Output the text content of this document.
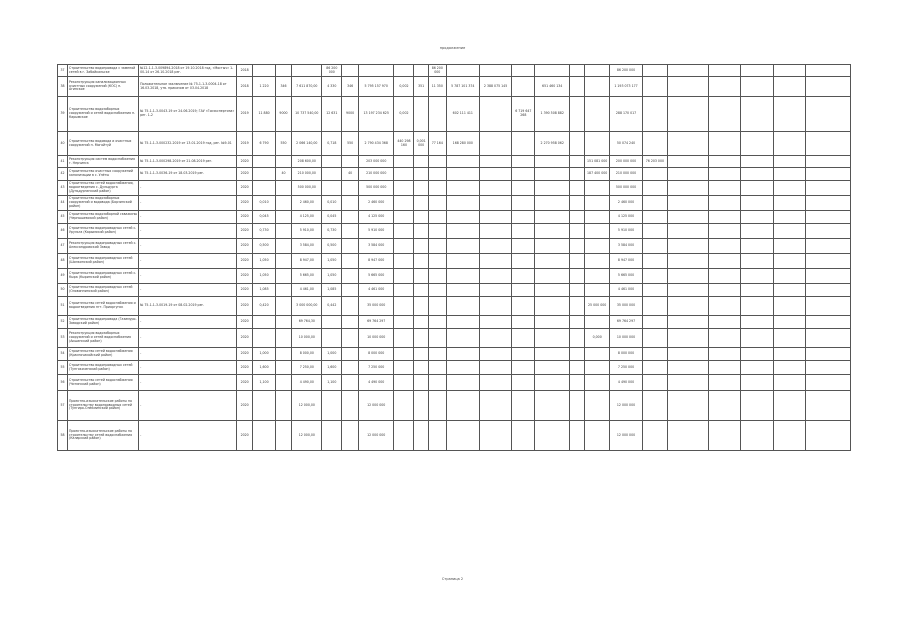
продолжение
37	Строительство водопровода с заменой сетей в г. Забайкальске	№12-1-1-3-009894-2018 от 19.10.2018 год, «Мостыч» 1-00-14 от 26.10.2018 рег.	2018				86 200 000					86 200 000							86 200 000						
38	Реконструкция канализационных очистных сооружений (КОС) п. Агинское	Положительное заключение № 75-1-1-3-0004-18 от 16.03.2018, утв. приказом от 03.04.2018	2018	1 220	346	7 611 870,00	4 330	346	5 795 157 970	0,002	351	11 350	5 787 101 374	2 388 075 145		651 460 134			1 193 073 177						
39	Строительство водозаборных сооружений и сетей водоснабжения п. Карымское	№ 75-1-1-3-0043-19 от 24.06.2019; ГАУ «Госэкспертиза» рег. 1-2	2019	11 880	9000	10 737 540,00	12 631	9000	13 197 234 625	0,002			602 111 411		6 719 647 268	1 390 508 882			288 170 017						
40	Строительство водовода и очистных сооружений п. Могойтуй	№ 75-1-1-3-000232-2019 от 13.01.2019 год, рег. №9-01	2019	6 790	550	2 066 140,00	0,718	550	2 790 434 368	440 298 160	0,001 000	77 164	168 280 000			2 270 958 062			50 074 240						
41	Реконструкция систем водоснабжения г. Нерчинск	№ 75-1-1-3-000298-2019 от 21.08.2019 рег.	2020			208 600,00			203 000 000									151 081 000	200 000 000	76 203 000					
42	Строительство очистных сооружений канализации в с. Улёты	№ 75-1-1-3-0036-19 от 18.03.2019 рег.	2020		40	210 000,00		40	210 000 000									187 400 000	210 000 000						
43	Строительство сетей водоснабжения, водоотведения с. Дульдурга (Дульдургинский район)	-	2020			500 000,00			500 000 000										500 000 000						
44	Строительство водозаборных сооружений и водовода (Борзинский район)	-	2020	0,010		2 460,00	0,010		2 460 000										2 460 000						
45	Строительство водозаборной скважины (Чернышевский район)	-	2020	0,045		4 125,00	0,045		4 125 000										4 125 000						
46	Строительство водопроводных сетей с. Урульга (Карымский район)	-	2020	0,730		5 910,00	0,730		5 910 000										5 910 000						
47	Реконструкция водопроводных сетей с. Александровский Завод	-	2020	0,500		3 584,00	0,500		3 584 000										3 584 000						
48	Строительство водопроводных сетей (Шилкинский район)	-	2020	1,050		8 947,00	1,050		8 947 000										8 947 000						
49	Строительство водопроводных сетей с. Кыра (Кыринский район)	-	2020	1,050		5 665,00	1,050		5 665 000										5 665 000						
50	Строительство водопроводных сетей (Оловяннинский район)	-	2020	1,085		4 461,00	1,085		4 461 000										4 461 000						
51	Строительство сетей водоснабжения и водоотведения пгт. Приаргунск	№ 75-1-1-3-0019-19 от 08.02.2019 рег.	2020	0,420		3 000 000,00	0,442		35 000 000									25 000 000	35 000 000						
52	Строительство водопровода (Газимуро-Заводский район)	-	2020			69 764,30			69 764 297										69 764 297						
53	Реконструкция водозаборных сооружений и сетей водоснабжения (Акшинский район)	-	2020			10 000,00			10 000 000									0,000	10 000 000						
54	Строительство сетей водоснабжения (Красночикойский район)	-	2020	1,000		8 000,00	1,000		8 000 000										8 000 000						
55	Строительство водопроводных сетей (Тунгокоченский район)	-	2020	1,600		7 250,00	1,600		7 250 000										7 250 000						
56	Строительство сетей водоснабжения (Читинский район)	-	2020	1,100		4 490,00	1,100		4 490 000										4 490 000						
57	Проектно-изыскательские работы по строительству водопроводных сетей (Тунгиро-Олёкминский район)	-	2020			12 000,00			12 000 000										12 000 000						
58	Проектно-изыскательские работы по строительству сетей водоснабжения (Каларский район)	-	2020			12 000,00			12 000 000										12 000 000						
Страница 2
